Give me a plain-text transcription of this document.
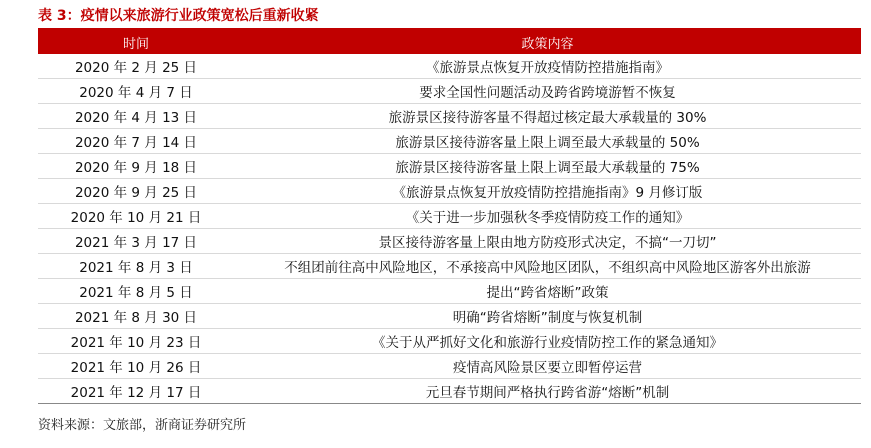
表 3：疫情以来旅游行业政策宽松后重新收紧
时间	政策内容
2020 年 2 月 25 日	《旅游景点恢复开放疫情防控措施指南》
2020 年 4 月 7 日	要求全国性问题活动及跨省跨境游暂不恢复
2020 年 4 月 13 日	旅游景区接待游客量不得超过核定最大承载量的 30%
2020 年 7 月 14 日	旅游景区接待游客量上限上调至最大承载量的 50%
2020 年 9 月 18 日	旅游景区接待游客量上限上调至最大承载量的 75%
2020 年 9 月 25 日	《旅游景点恢复开放疫情防控措施指南》9 月修订版
2020 年 10 月 21 日	《关于进一步加强秋冬季疫情防疫工作的通知》
2021 年 3 月 17 日	景区接待游客量上限由地方防疫形式决定，不搞“一刀切”
2021 年 8 月 3 日	不组团前往高中风险地区，不承接高中风险地区团队，不组织高中风险地区游客外出旅游
2021 年 8 月 5 日	提出“跨省熔断”政策
2021 年 8 月 30 日	明确“跨省熔断”制度与恢复机制
2021 年 10 月 23 日	《关于从严抓好文化和旅游行业疫情防控工作的紧急通知》
2021 年 10 月 26 日	疫情高风险景区要立即暂停运营
2021 年 12 月 17 日	元旦春节期间严格执行跨省游“熔断”机制
资料来源：文旅部，浙商证券研究所
